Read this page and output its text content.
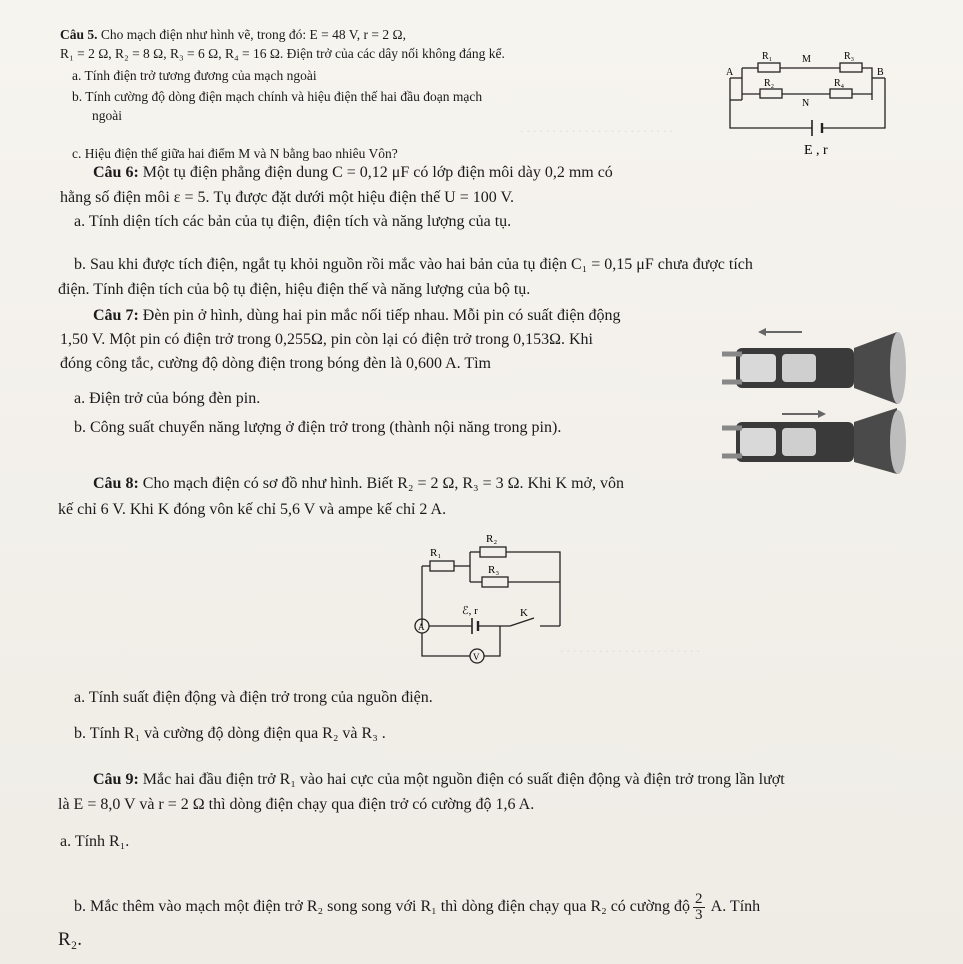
. . . . . . . . . . . . . . . . . . . . . . . .
. . . . . . . . . . . . . . . . . . . . . .
Câu 5. Cho mạch điện như hình vẽ, trong đó: E = 48 V, r = 2 Ω,
R₁ = 2 Ω, R₂ = 8 Ω, R₃ = 6 Ω, R₄ = 16 Ω. Điện trở của các dây nối không đáng kể.
a. Tính điện trở tương đương của mạch ngoài
b. Tính cường độ dòng điện mạch chính và hiệu điện thế hai đầu đoạn mạch
ngoài
c. Hiệu điện thế giữa hai điểm M và N bằng bao nhiêu Vôn?
R₁	M	R₃
A	B
R₂	R₄
N
E , r
Câu 6: Một tụ điện phẳng điện dung C = 0,12 μF có lớp điện môi dày 0,2 mm có
hằng số điện môi ε = 5. Tụ được đặt dưới một hiệu điện thế U = 100 V.
a. Tính diện tích các bản của tụ điện, điện tích và năng lượng của tụ.
b. Sau khi được tích điện, ngắt tụ khỏi nguồn rồi mắc vào hai bản của tụ điện C₁ = 0,15 μF chưa được tích
điện. Tính điện tích của bộ tụ điện, hiệu điện thế và năng lượng của bộ tụ.
Câu 7: Đèn pin ở hình, dùng hai pin mắc nối tiếp nhau. Mỗi pin có suất điện động
1,50 V. Một pin có điện trở trong 0,255Ω, pin còn lại có điện trở trong 0,153Ω. Khi
đóng công tắc, cường độ dòng điện trong bóng đèn là 0,600 A. Tìm
a. Điện trở của bóng đèn pin.
b. Công suất chuyển năng lượng ở điện trở trong (thành nội năng trong pin).
Câu 8: Cho mạch điện có sơ đồ như hình. Biết R₂ = 2 Ω, R₃ = 3 Ω. Khi K mở, vôn
kế chỉ 6 V. Khi K đóng vôn kế chỉ 5,6 V và ampe kế chỉ 2 A.
R₂
R₁
R₃
ℰ, r	K
A
V
a. Tính suất điện động và điện trở trong của nguồn điện.
b. Tính R₁ và cường độ dòng điện qua R₂ và R₃ .
Câu 9: Mắc hai đầu điện trở R₁ vào hai cực của một nguồn điện có suất điện động và điện trở trong lần lượt
là E = 8,0 V và r = 2 Ω thì dòng điện chạy qua điện trở có cường độ 1,6 A.
a. Tính R₁.
b. Mắc thêm vào mạch một điện trở R₂ song song với R₁ thì dòng điện chạy qua R₂ có cường độ $\frac{2}{3} A$. Tính
R₂.
